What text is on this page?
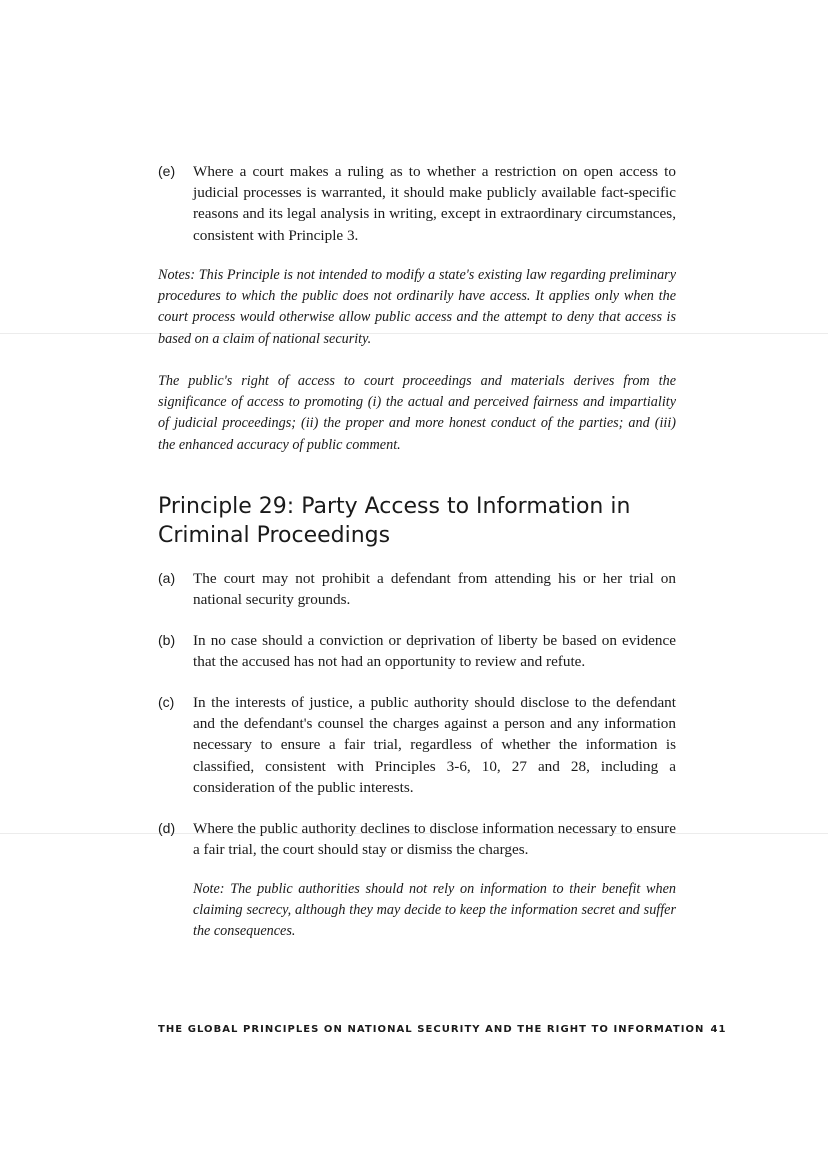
(e) Where a court makes a ruling as to whether a restriction on open access to judicial processes is warranted, it should make publicly available fact-specific reasons and its legal analysis in writing, except in extraordinary circumstances, consistent with Principle 3.
Notes: This Principle is not intended to modify a state's existing law regarding preliminary procedures to which the public does not ordinarily have access. It applies only when the court process would otherwise allow public access and the attempt to deny that access is based on a claim of national security.
The public's right of access to court proceedings and materials derives from the significance of access to promoting (i) the actual and perceived fairness and impartiality of judicial proceedings; (ii) the proper and more honest conduct of the parties; and (iii) the enhanced accuracy of public comment.
Principle 29: Party Access to Information in Criminal Proceedings
(a) The court may not prohibit a defendant from attending his or her trial on national security grounds.
(b) In no case should a conviction or deprivation of liberty be based on evidence that the accused has not had an opportunity to review and refute.
(c) In the interests of justice, a public authority should disclose to the defendant and the defendant's counsel the charges against a person and any information necessary to ensure a fair trial, regardless of whether the information is classified, consistent with Principles 3-6, 10, 27 and 28, including a consideration of the public interests.
(d) Where the public authority declines to disclose information necessary to ensure a fair trial, the court should stay or dismiss the charges.
Note: The public authorities should not rely on information to their benefit when claiming secrecy, although they may decide to keep the information secret and suffer the consequences.
THE GLOBAL PRINCIPLES ON NATIONAL SECURITY AND THE RIGHT TO INFORMATION 41
